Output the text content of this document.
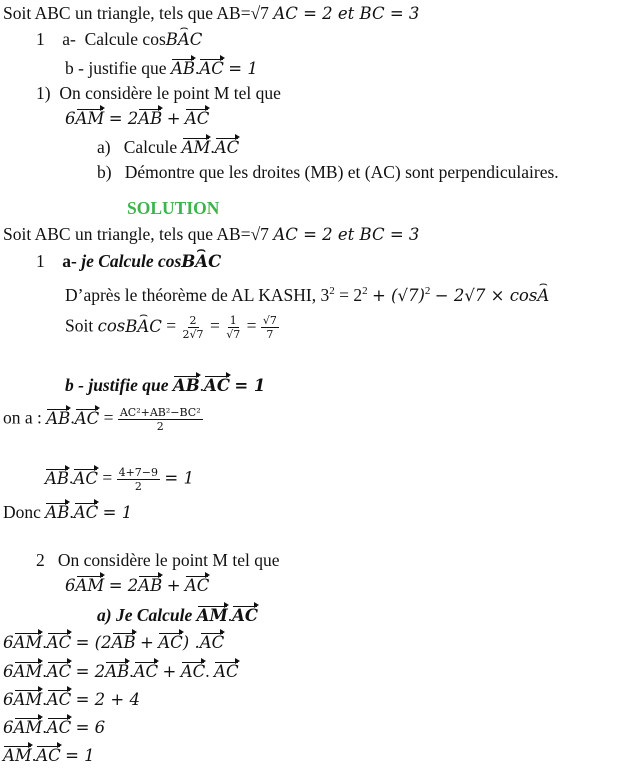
Soit ABC un triangle, tels que AB=√7 AC = 2 et BC = 3
1 a- Calcule cos⌢ BAC
b - justifie que AB.AC = 1
1) On considère le point M tel que
6AM = 2AB + AC
a) Calcule AM.AC
b) Démontre que les droites (MB) et (AC) sont perpendiculaires.
SOLUTION
Soit ABC un triangle, tels que AB=√7 AC = 2 et BC = 3
1 a- je Calcule cos⌢ BAC
D’après le théorème de AL KASHI, $3^2 = 2^2 + (√7)^2 - 2√7$ × cos⌢ A
Soit cos⌢ BAC = $\frac{2}{2√7} = \frac{1}{√7} = \frac{√7}{7}$
b - justifie que AB.AC = 1
on a : $AB.AC = \frac{\text{AC²+AB²−BC²}}{2}$
$AB.AC = \frac{4+7-9}{2} = 1$
Donc AB.AC = 1
2 On considère le point M tel que
6AM = 2AB + AC
a) Je Calcule AM.AC
6AM.AC = (2AB + AC) .AC
6AM.AC = 2AB.AC + AC. AC
6AM.AC = 2 + 4
6AM.AC = 6
AM.AC = 1
